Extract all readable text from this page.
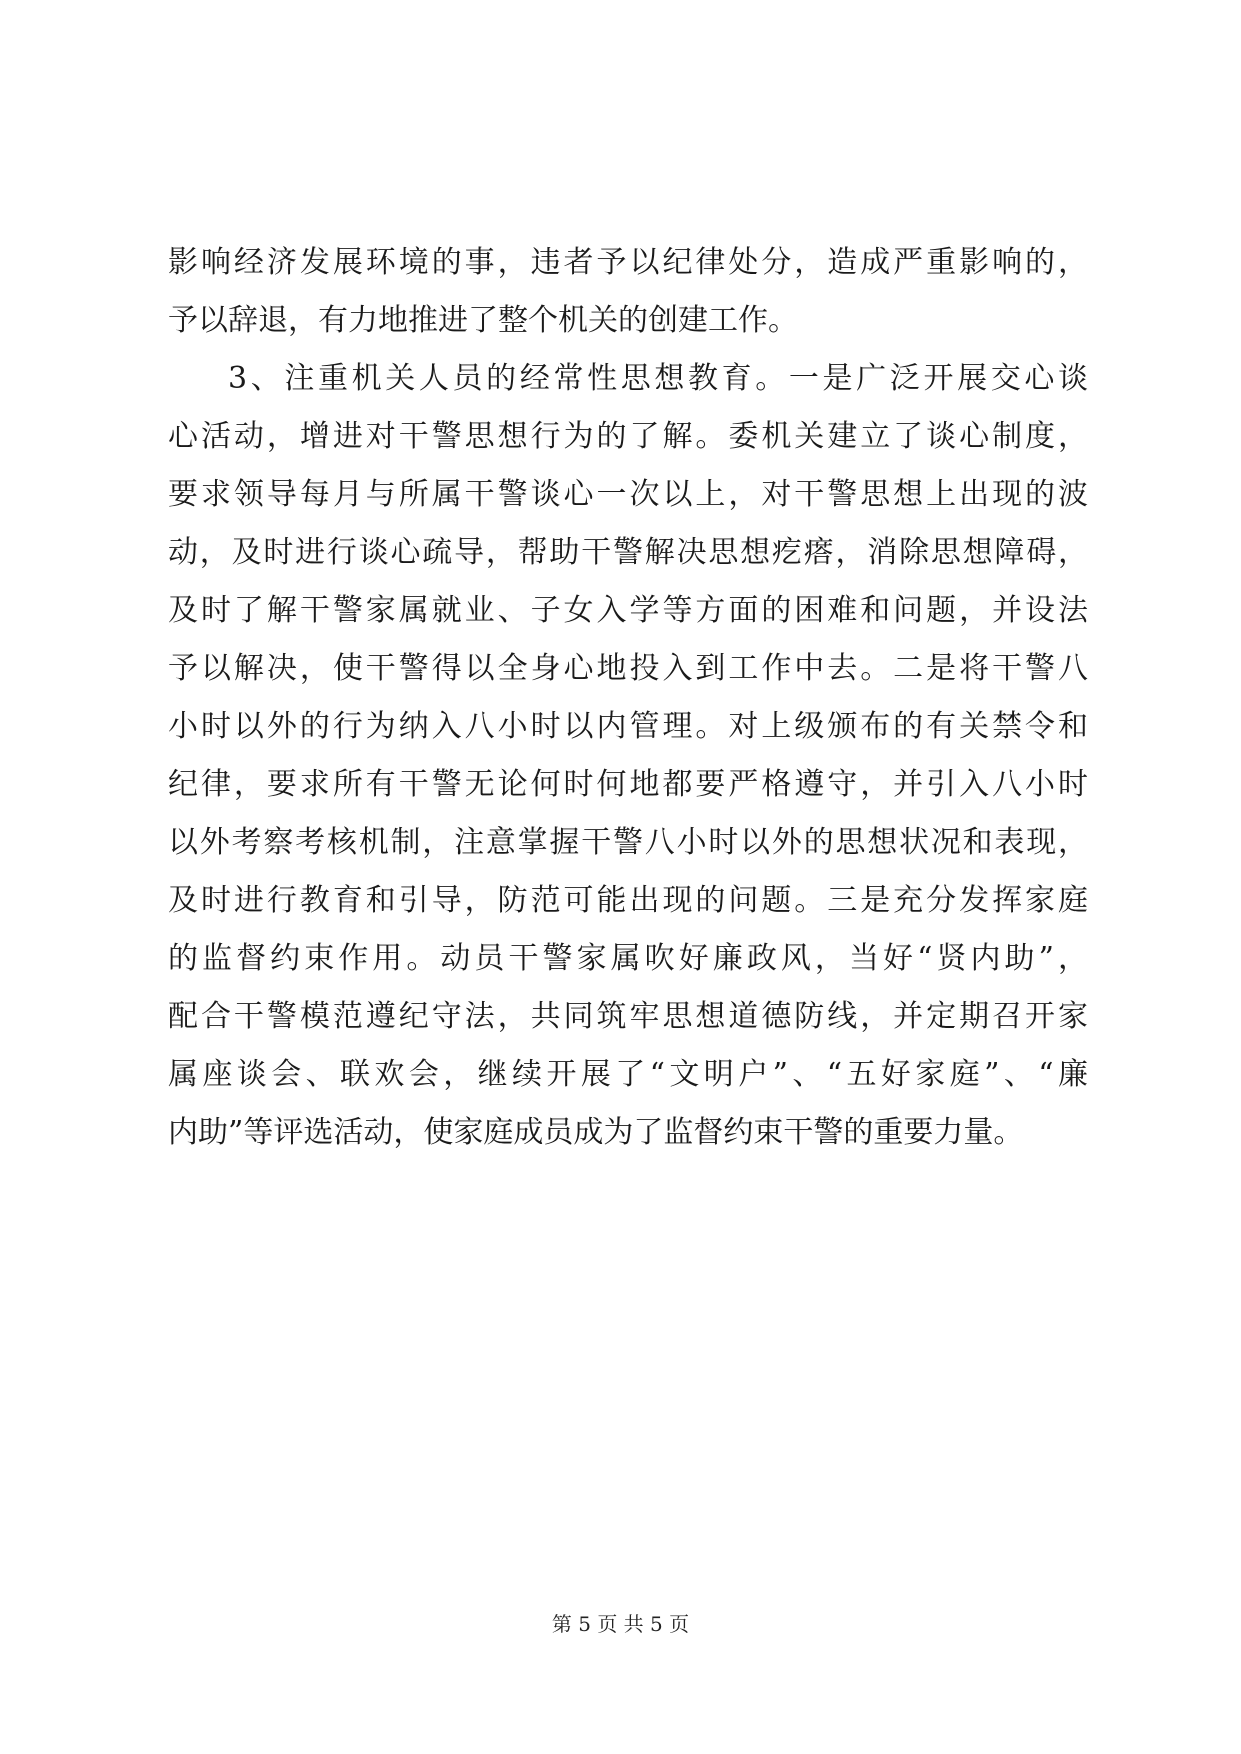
影响经济发展环境的事，违者予以纪律处分，造成严重影响的，
予以辞退，有力地推进了整个机关的创建工作。
3、注重机关人员的经常性思想教育。一是广泛开展交心谈
心活动，增进对干警思想行为的了解。委机关建立了谈心制度，
要求领导每月与所属干警谈心一次以上，对干警思想上出现的波
动，及时进行谈心疏导，帮助干警解决思想疙瘩，消除思想障碍，
及时了解干警家属就业、子女入学等方面的困难和问题，并设法
予以解决，使干警得以全身心地投入到工作中去。二是将干警八
小时以外的行为纳入八小时以内管理。对上级颁布的有关禁令和
纪律，要求所有干警无论何时何地都要严格遵守，并引入八小时
以外考察考核机制，注意掌握干警八小时以外的思想状况和表现，
及时进行教育和引导，防范可能出现的问题。三是充分发挥家庭
的监督约束作用。动员干警家属吹好廉政风，当好“贤内助”，
配合干警模范遵纪守法，共同筑牢思想道德防线，并定期召开家
属座谈会、联欢会，继续开展了“文明户”、“五好家庭”、“廉
内助”等评选活动，使家庭成员成为了监督约束干警的重要力量。
第 5 页 共 5 页
